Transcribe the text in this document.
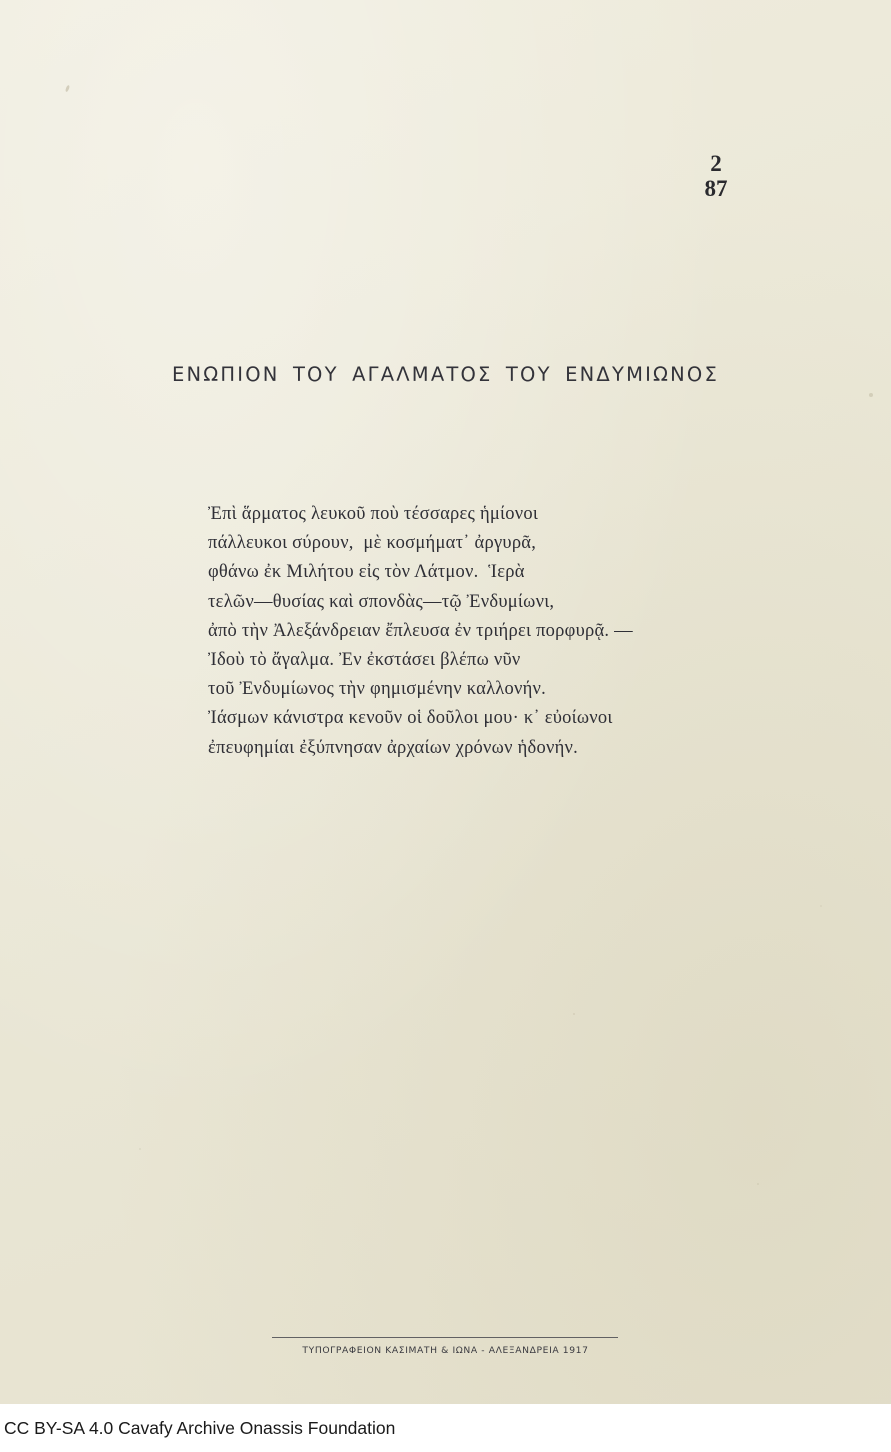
2
87
ΕΝΩΠΙΟΝ ΤΟΥ ΑΓΑΛΜΑΤΟΣ ΤΟΥ ΕΝΔΥΜΙΩΝΟΣ
Ἐπὶ ἅρματος λευκοῦ ποὺ τέσσαρες ἡμίονοι
πάλλευκοι σύρουν,  μὲ κοσμήματ᾽ ἀργυρᾶ,
φθάνω ἐκ Μιλήτου εἰς τὸν Λάτμον.  Ἱερὰ
τελῶν—θυσίας καὶ σπονδὰς—τῷ Ἐνδυμίωνι,
ἀπὸ τὴν Ἀλεξάνδρειαν ἔπλευσα ἐν τριήρει πορφυρᾷ. —
Ἰδοὺ τὸ ἄγαλμα. Ἐν ἐκστάσει βλέπω νῦν
τοῦ Ἐνδυμίωνος τὴν φημισμένην καλλονήν.
Ἰάσμων κάνιστρα κενοῦν οἱ δοῦλοι μου· κ᾽ εὐοίωνοι
ἐπευφημίαι ἐξύπνησαν ἀρχαίων χρόνων ἡδονήν.
ΤΥΠΟΓΡΑΦΕΙΟΝ ΚΑΣΙΜΑΤΗ & ΙΩΝΑ - ΑΛΕΞΑΝΔΡΕΙΑ 1917
CC BY-SA 4.0 Cavafy Archive Onassis Foundation
